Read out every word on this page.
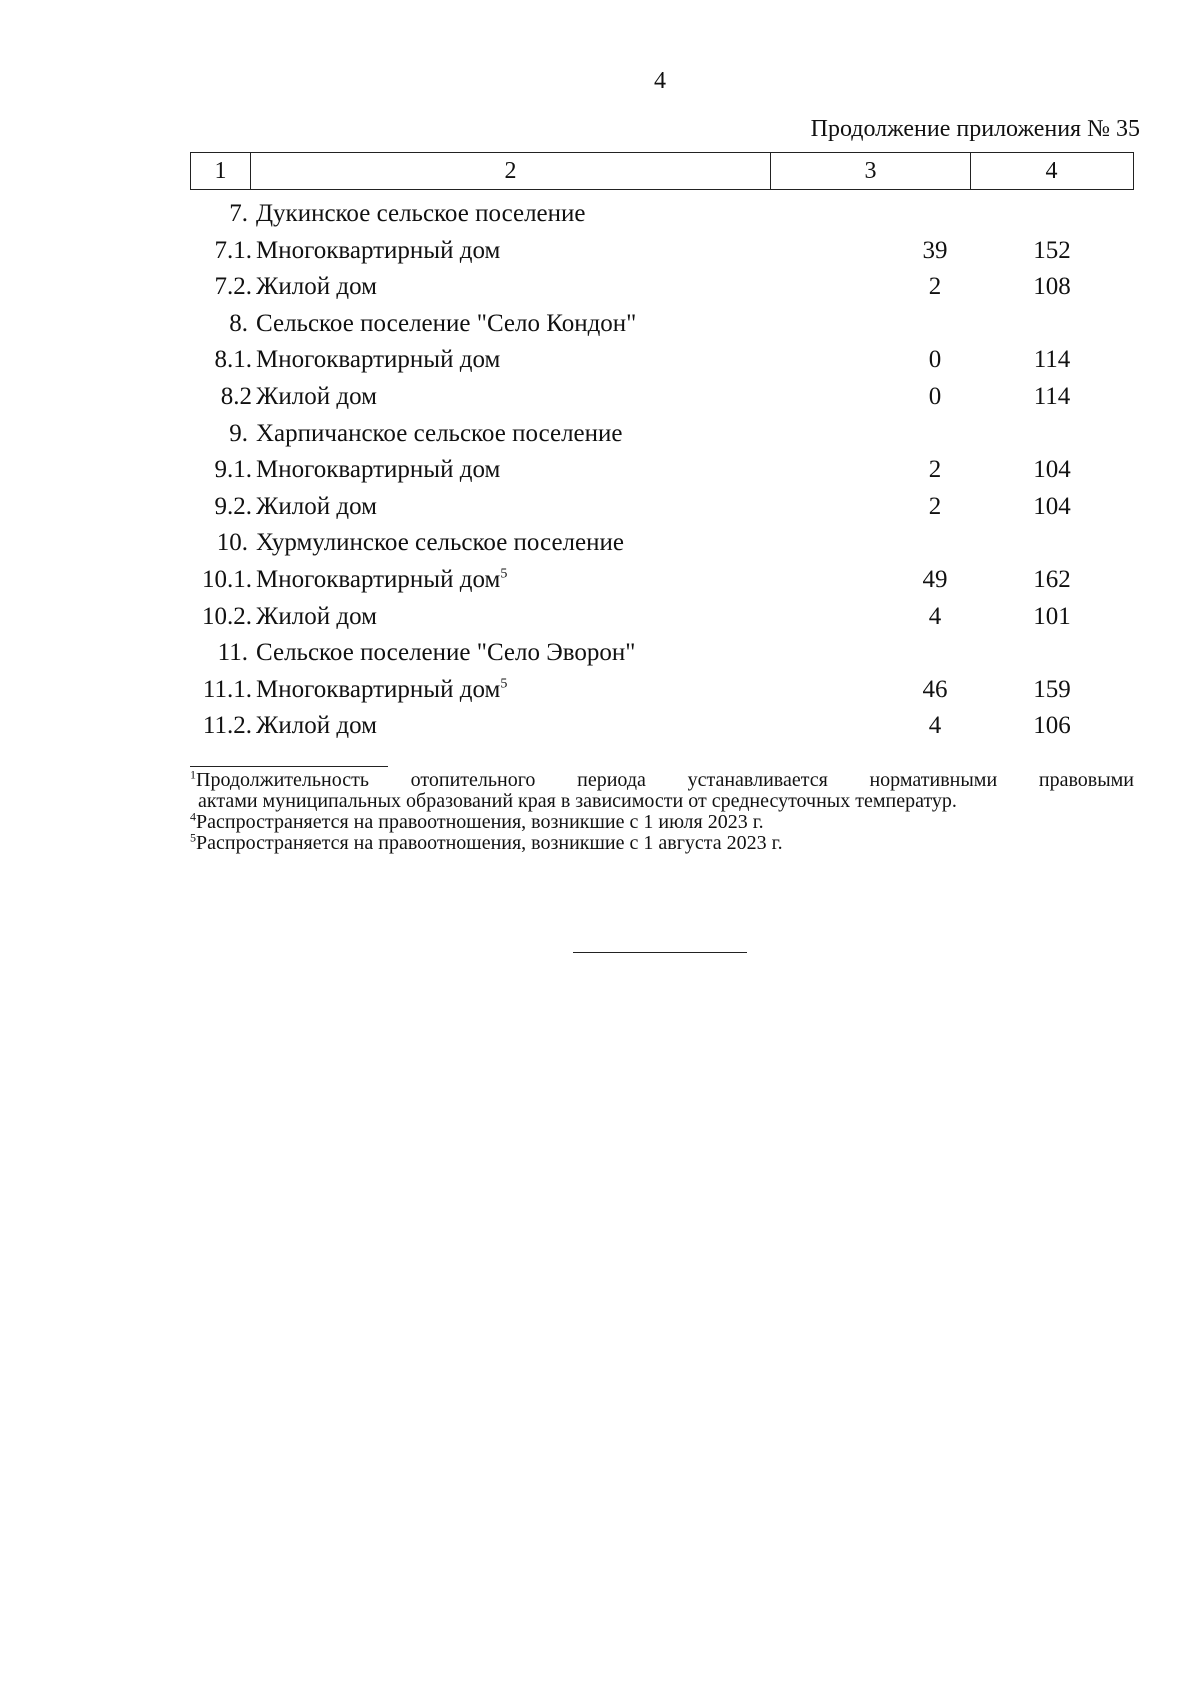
4
Продолжение приложения № 35
1	2	3	4
7. Дукинское сельское поселение
7.1. Многоквартирный дом	39	152
7.2. Жилой дом	2	108
8. Сельское поселение "Село Кондон"
8.1. Многоквартирный дом	0	114
8.2 Жилой дом	0	114
9. Харпичанское сельское поселение
9.1. Многоквартирный дом	2	104
9.2. Жилой дом	2	104
10. Хурмулинское сельское поселение
10.1. Многоквартирный дом$^5$	49	162
10.2. Жилой дом	4	101
11. Сельское поселение "Село Эворон"
11.1. Многоквартирный дом$^5$	46	159
11.2. Жилой дом	4	106
$^1$Продолжительность отопительного периода устанавливается нормативными правовыми
актами муниципальных образований края в зависимости от среднесуточных температур.
$^4$Распространяется на правоотношения, возникшие с 1 июля 2023 г.
$^5$Распространяется на правоотношения, возникшие с 1 августа 2023 г.
